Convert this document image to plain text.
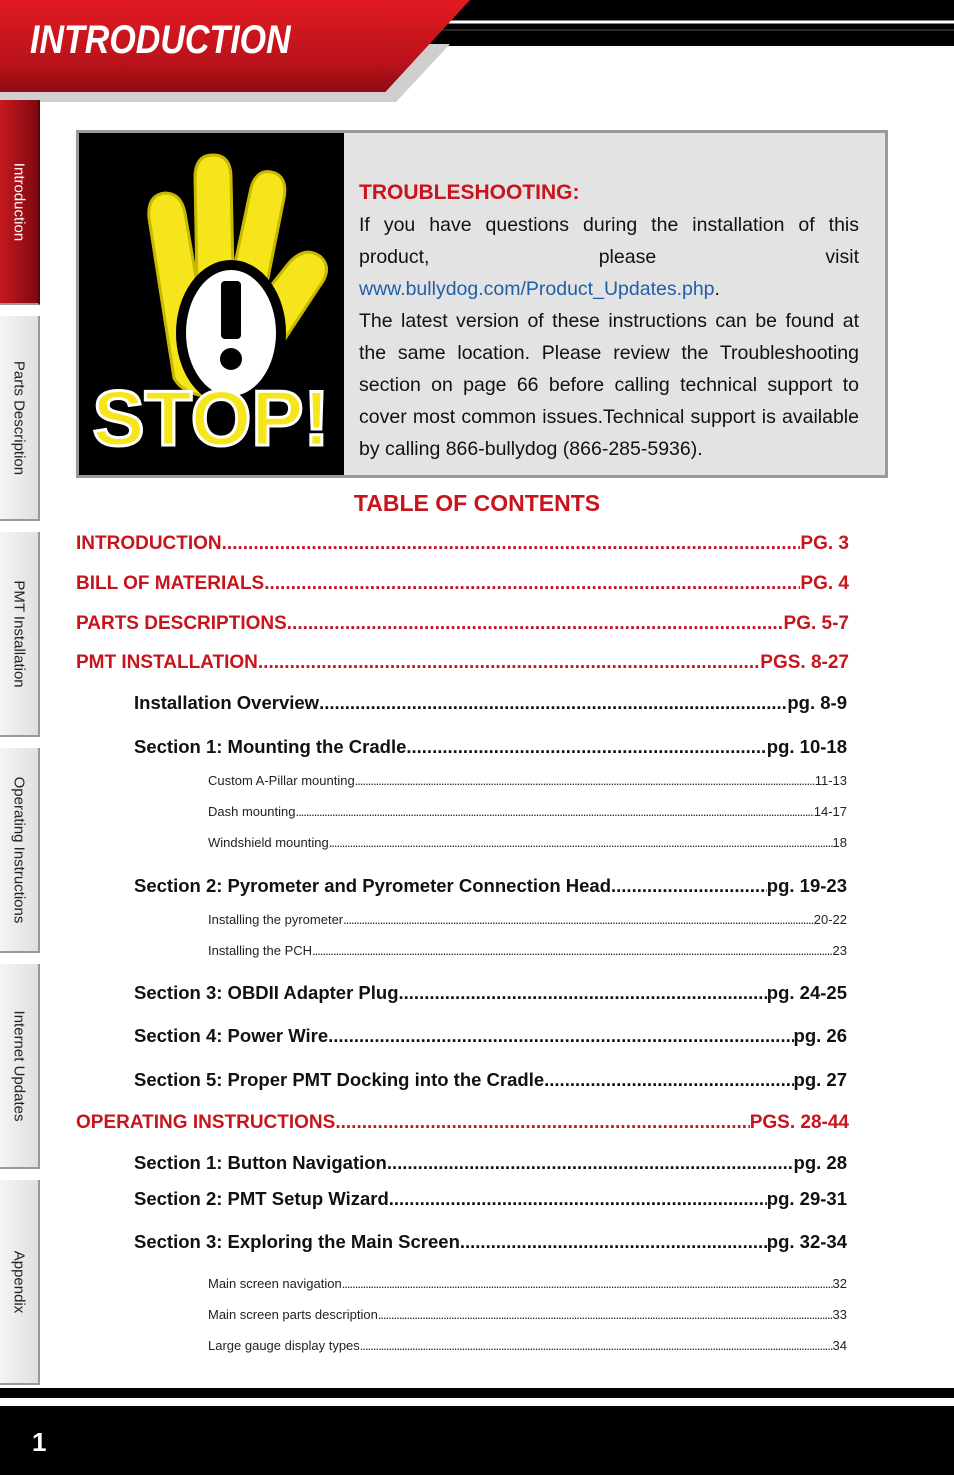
INTRODUCTION
Introduction
Parts Description
PMT Installation
Operating Instructions
Internet Updates
Appendix
STOP!
TROUBLESHOOTING:
If you have questions during the installation of this product, please visit www.bullydog.com/Product_Updates.php.
The latest version of these instructions can be found at the same location. Please review the Troubleshooting section on page 66 before calling technical support to cover most common issues.Technical support is available by calling 866-bullydog (866-285-5936).
TABLE OF CONTENTS
INTRODUCTION .....	PG. 3
BILL OF MATERIALS .....	PG. 4
PARTS DESCRIPTIONS .....	PG. 5-7
PMT INSTALLATION .....	PGS. 8-27
Installation Overview .....	pg. 8-9
Section 1: Mounting the Cradle .....	pg. 10-18
Custom A-Pillar mounting .....	11-13
Dash mounting .....	14-17
Windshield mounting .....	18
Section 2: Pyrometer and Pyrometer Connection Head .....	pg. 19-23
Installing the pyrometer .....	20-22
Installing the PCH .....	23
Section 3: OBDII Adapter Plug .....	pg. 24-25
Section 4: Power Wire .....	pg. 26
Section 5: Proper PMT Docking into the Cradle .....	pg. 27
OPERATING INSTRUCTIONS .....	PGS. 28-44
Section 1: Button Navigation .....	pg. 28
Section 2: PMT Setup Wizard .....	pg. 29-31
Section 3: Exploring the Main Screen .....	pg. 32-34
Main screen navigation .....	32
Main screen parts description .....	33
Large gauge display types .....	34
1
